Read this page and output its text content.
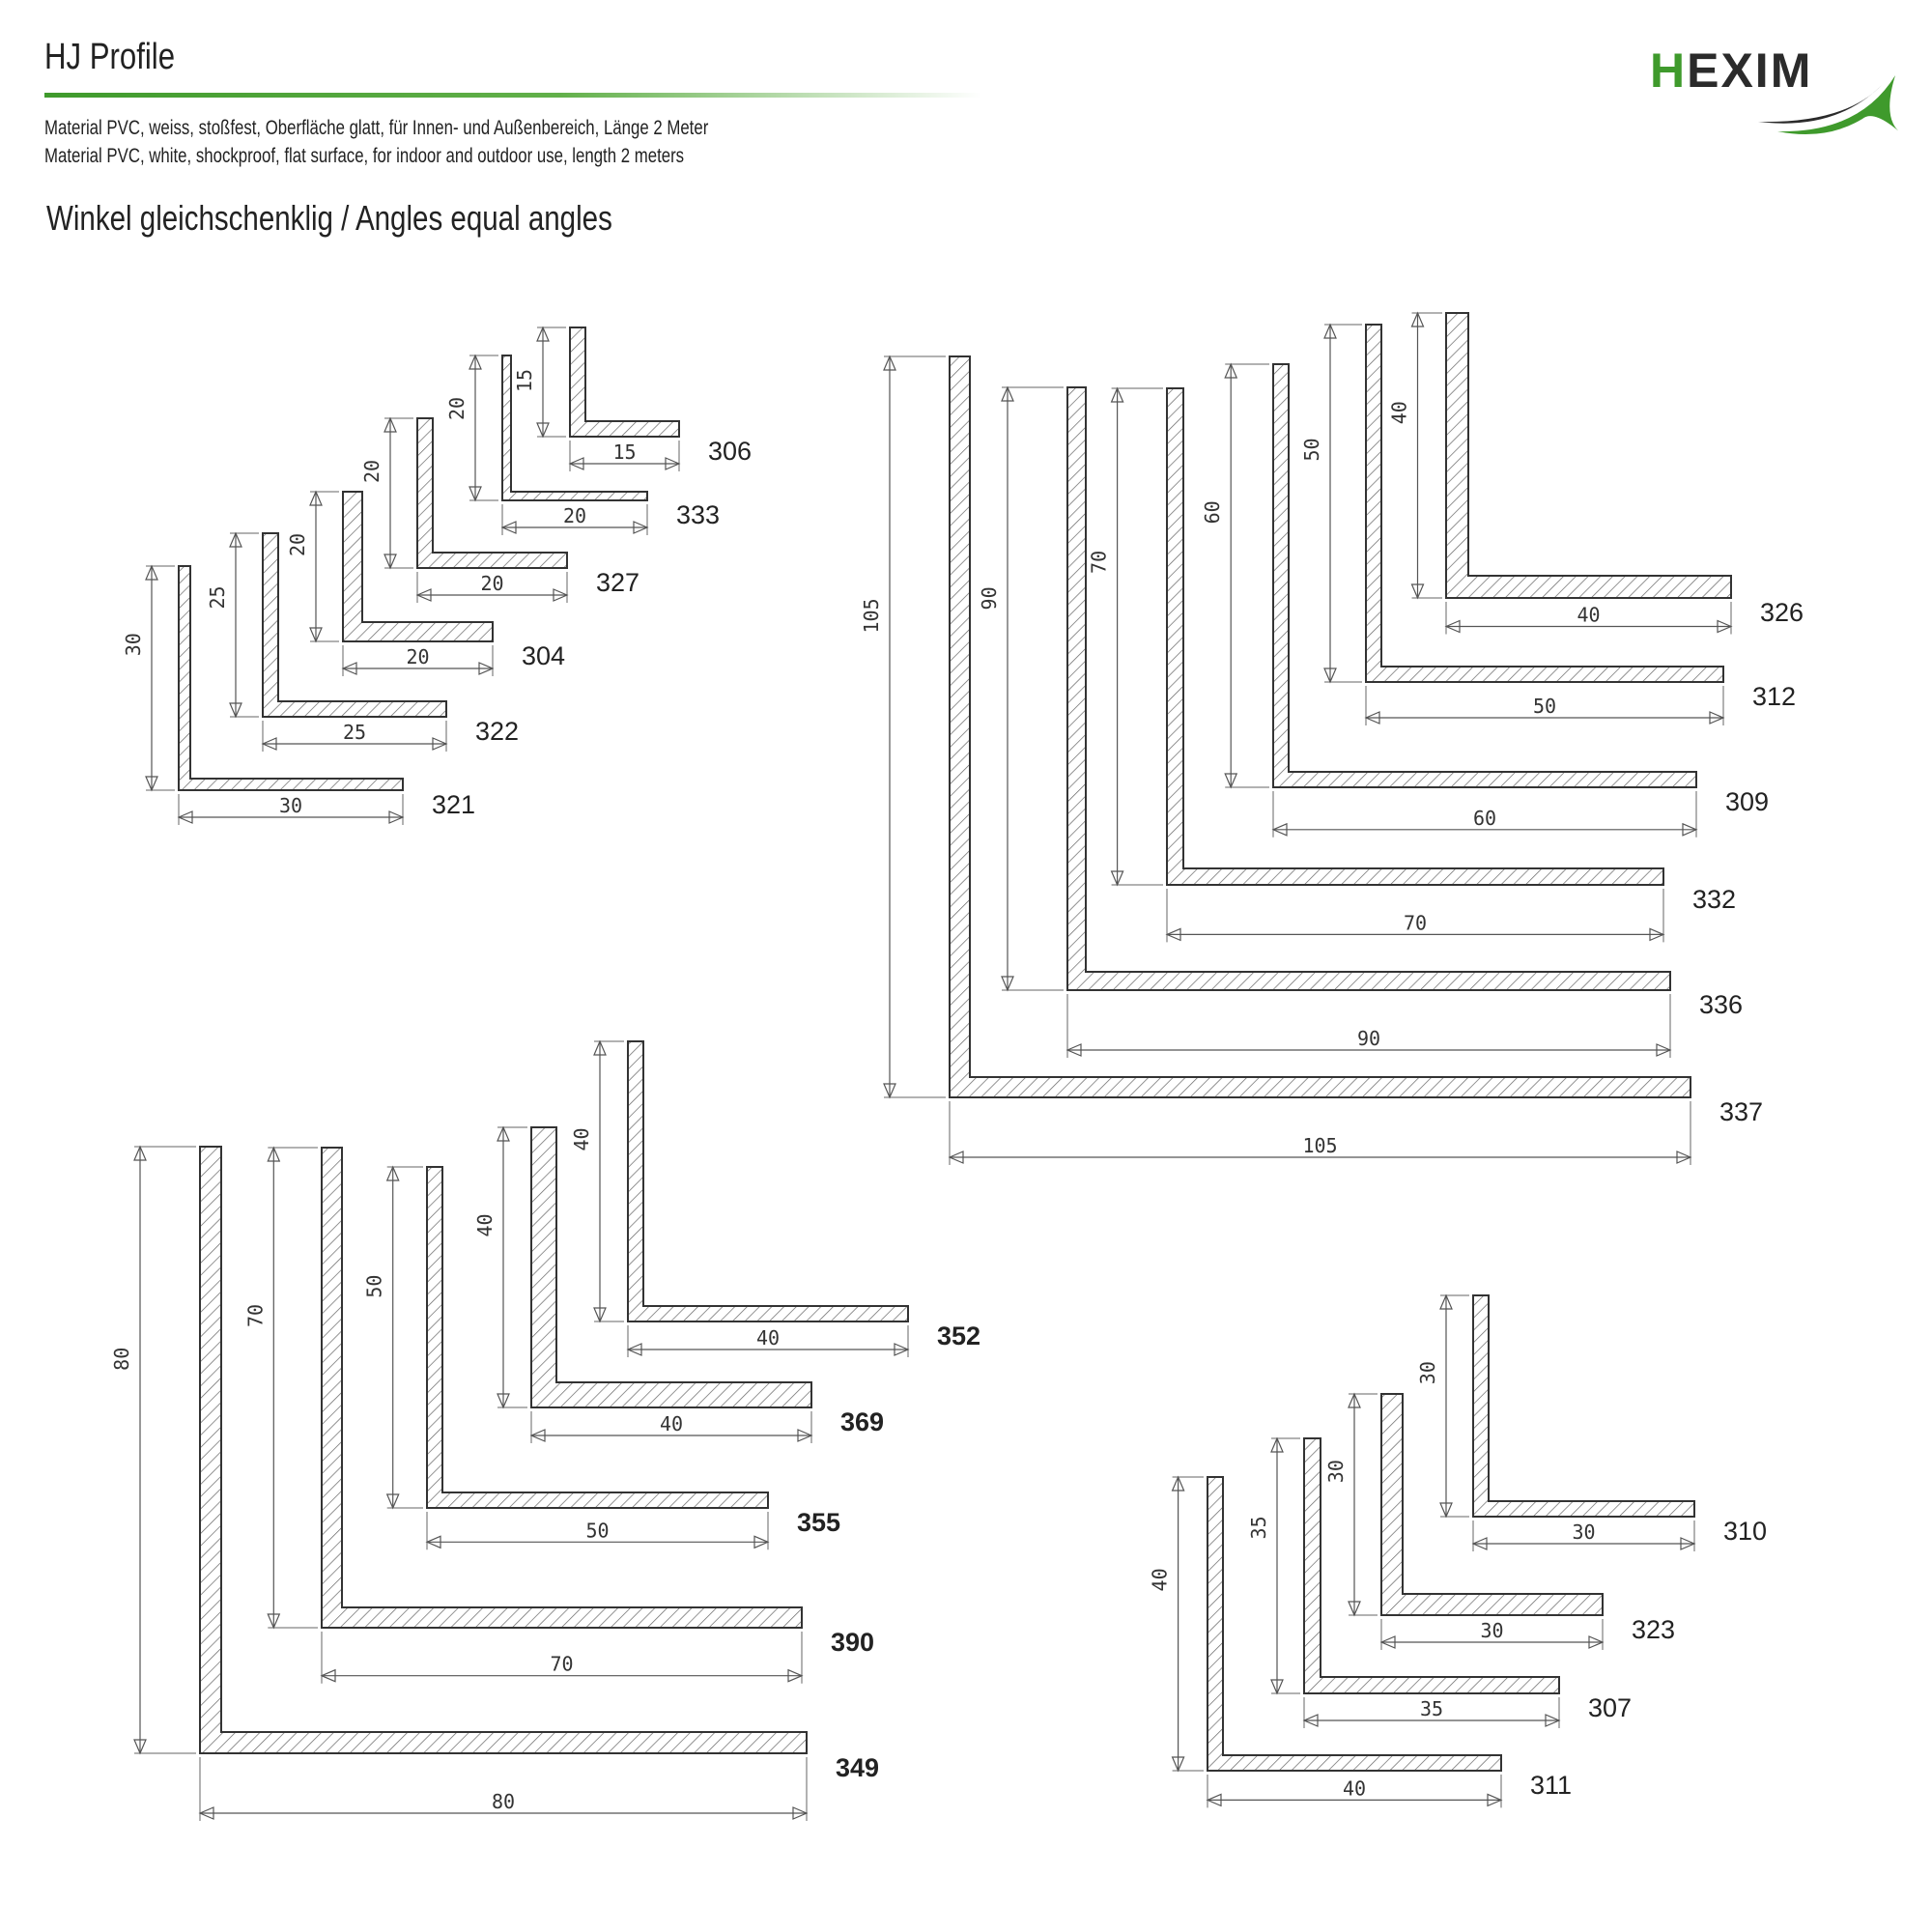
HJ Profile

Material PVC, weiss, stoßfest, Oberfläche glatt, für Innen- und Außenbereich, Länge 2 Meter
Material PVC, white, shockproof, flat surface, for indoor and outdoor use, length 2 meters

Winkel gleichschenklig / Angles equal angles
HEXIM
15
15	306
20
20	333
20
20	327
20
20	304
25
25	322
30
30	321
40
40	326
50
50	312
60
60
309
70
70
332
90
90
336
105
105
337
40
40	352
40
40	369
50
50	355
70
70
390
80
80
349
30
30	310
30
30	323
35
35	307
40
40	311
